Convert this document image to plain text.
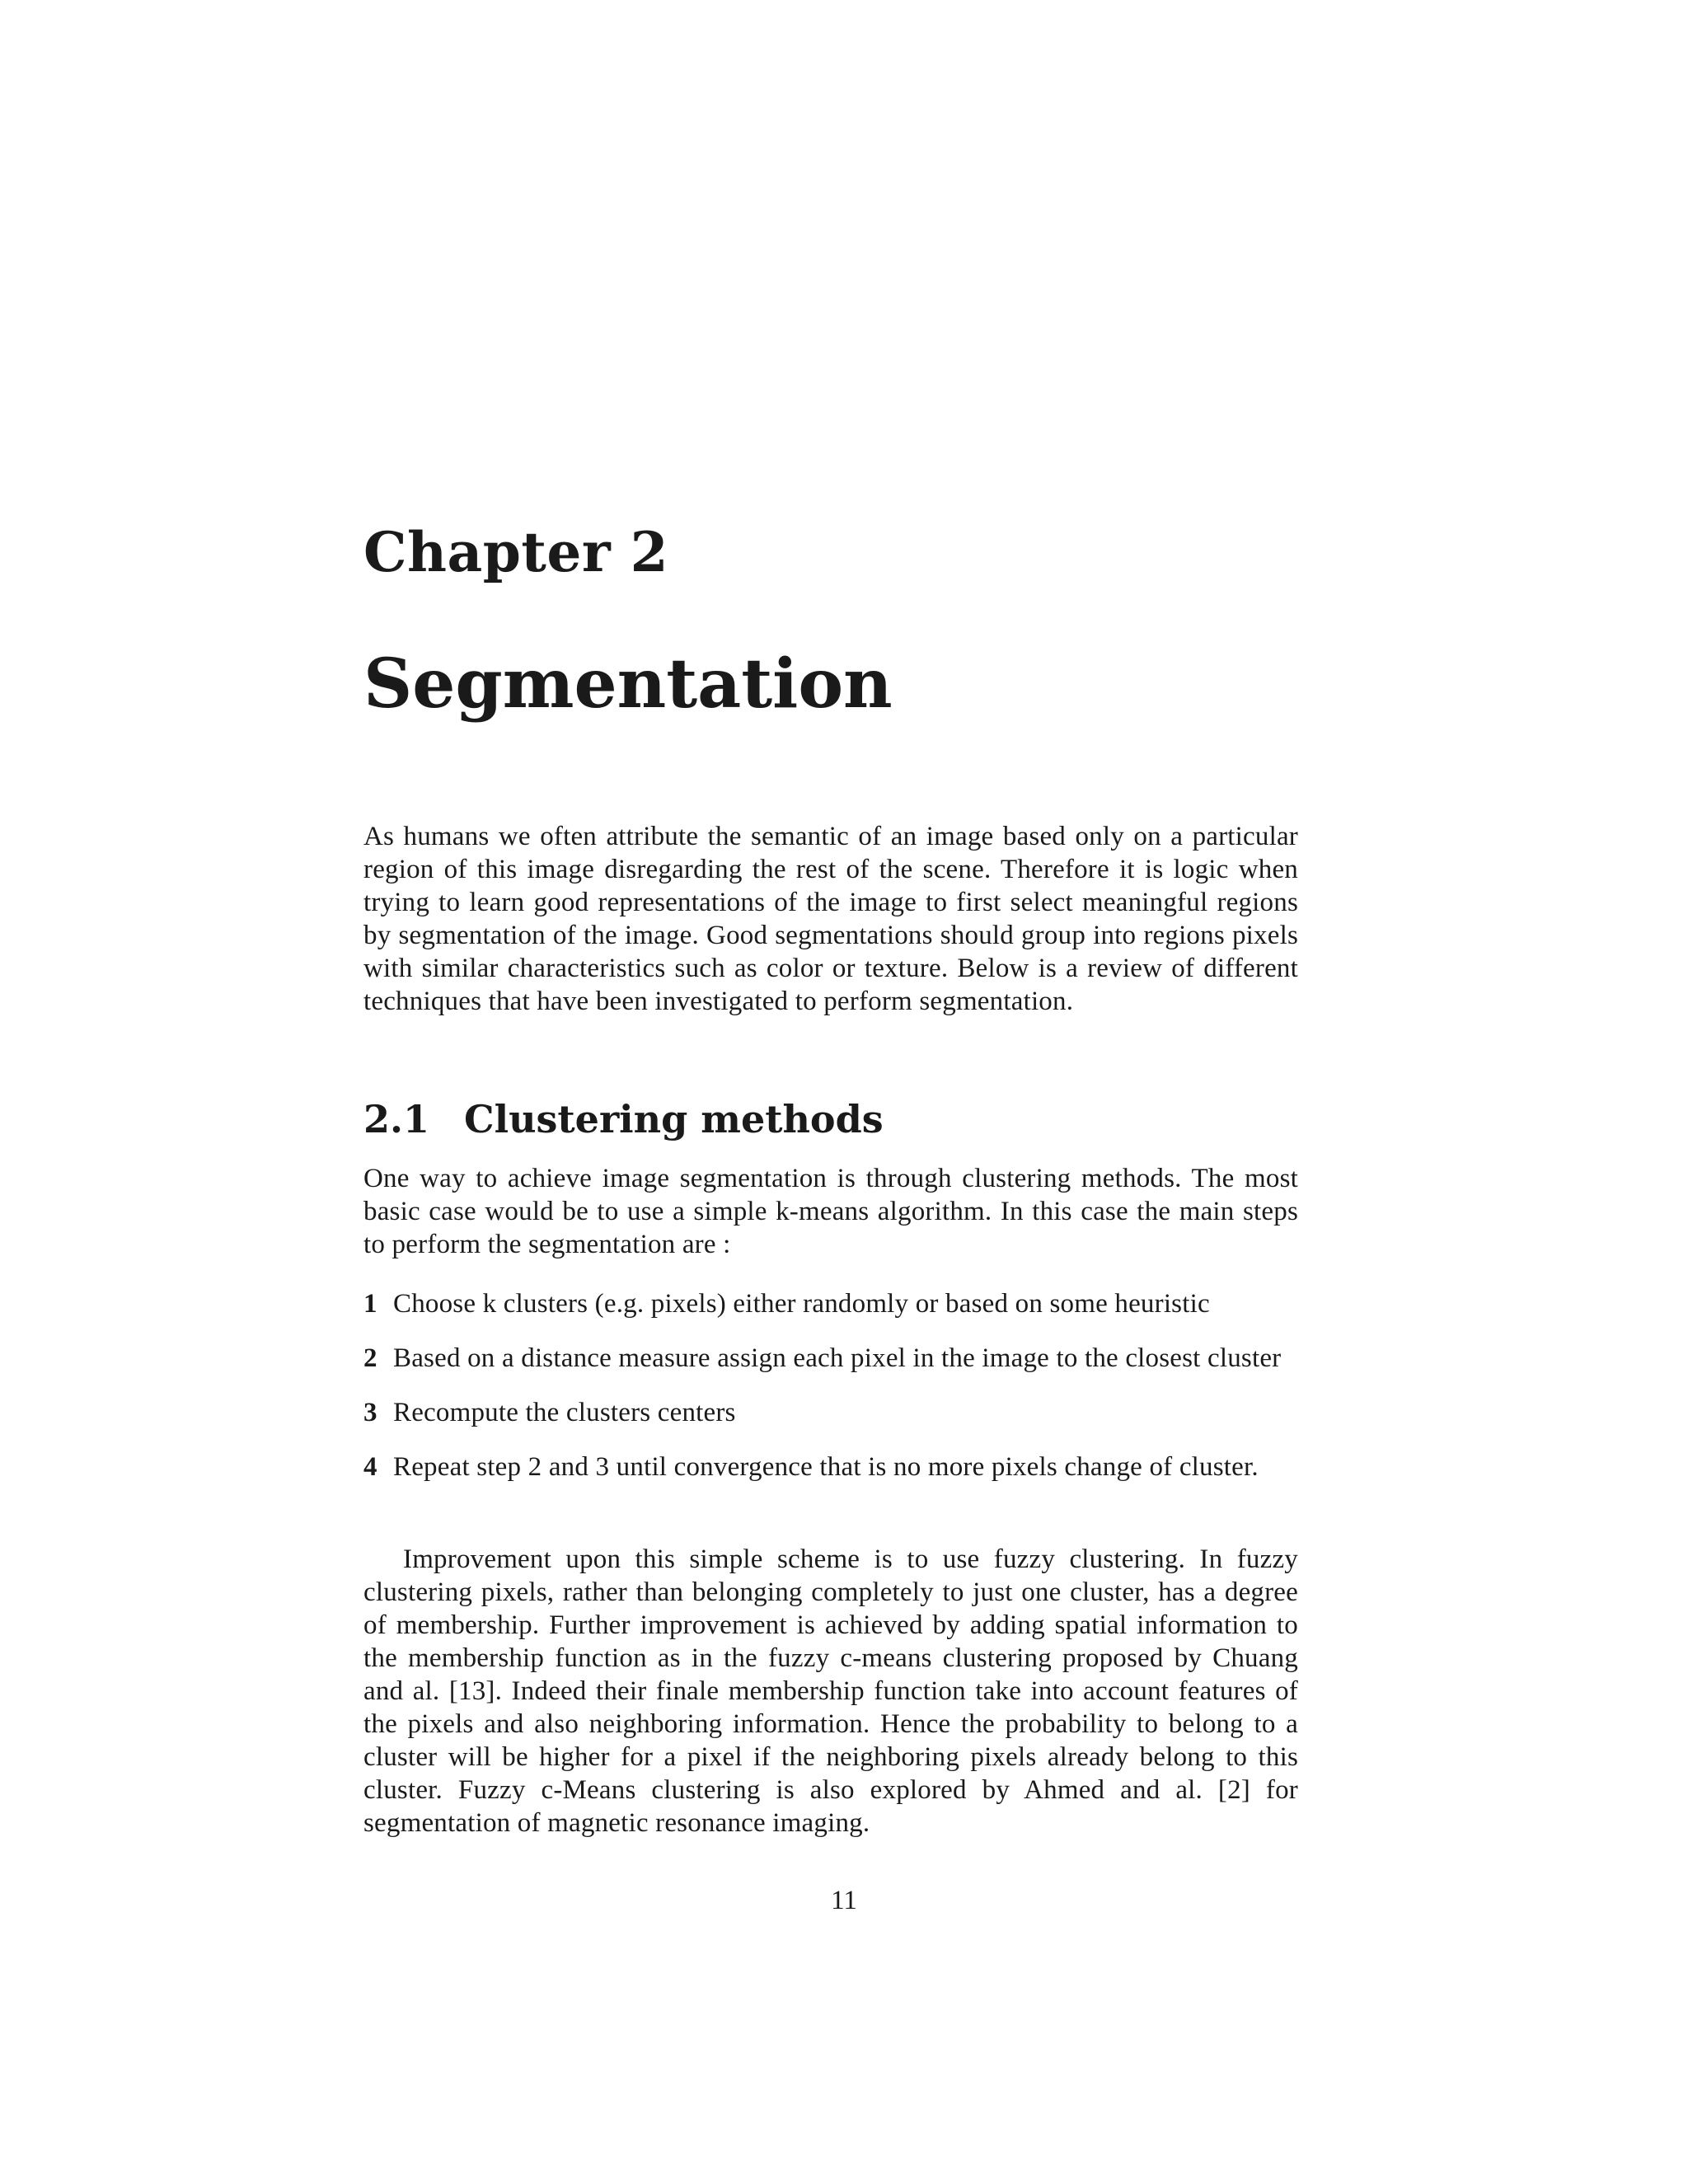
Chapter 2
Segmentation

As humans we often attribute the semantic of an image based only on a particular region of this image disregarding the rest of the scene. Therefore it is logic when trying to learn good representations of the image to first select meaningful regions by segmentation of the image. Good segmentations should group into regions pixels with similar characteristics such as color or texture. Below is a review of different techniques that have been investigated to perform segmentation.

2.1 Clustering methods

One way to achieve image segmentation is through clustering methods. The most basic case would be to use a simple k-means algorithm. In this case the main steps to perform the segmentation are :

1 Choose k clusters (e.g. pixels) either randomly or based on some heuristic
2 Based on a distance measure assign each pixel in the image to the closest cluster
3 Recompute the clusters centers
4 Repeat step 2 and 3 until convergence that is no more pixels change of cluster.

Improvement upon this simple scheme is to use fuzzy clustering. In fuzzy clustering pixels, rather than belonging completely to just one cluster, has a degree of membership. Further improvement is achieved by adding spatial information to the membership function as in the fuzzy c-means clustering proposed by Chuang and al. [13]. Indeed their finale membership function take into account features of the pixels and also neighboring information. Hence the probability to belong to a cluster will be higher for a pixel if the neighboring pixels already belong to this cluster. Fuzzy c-Means clustering is also explored by Ahmed and al. [2] for segmentation of magnetic resonance imaging.

11
